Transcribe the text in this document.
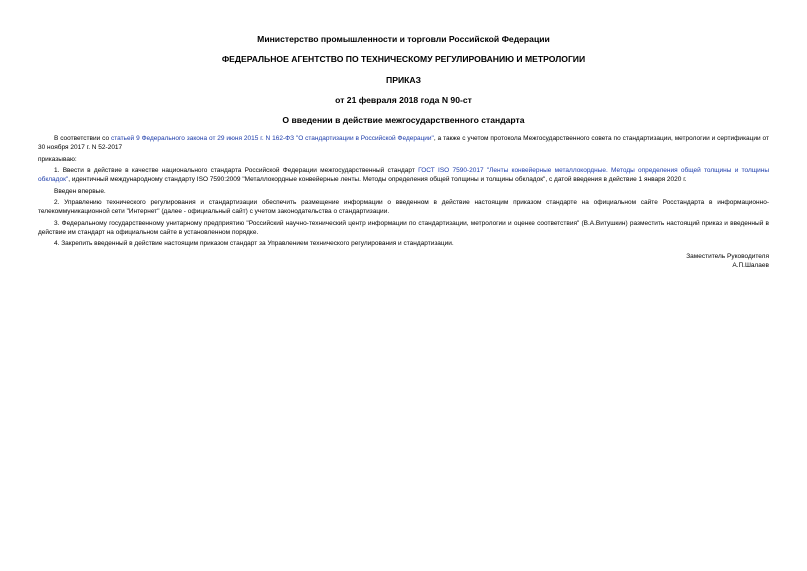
Министерство промышленности и торговли Российской Федерации
ФЕДЕРАЛЬНОЕ АГЕНТСТВО ПО ТЕХНИЧЕСКОМУ РЕГУЛИРОВАНИЮ И МЕТРОЛОГИИ
ПРИКАЗ
от 21 февраля 2018 года N 90-ст
О введении в действие межгосударственного стандарта

В соответствии со статьей 9 Федерального закона от 29 июня 2015 г. N 162-ФЗ "О стандартизации в Российской Федерации", а также с учетом протокола Межгосударственного совета по стандартизации, метрологии и сертификации от 30 ноября 2017 г. N 52-2017

приказываю:

1. Ввести в действие в качестве национального стандарта Российской Федерации межгосударственный стандарт ГОСТ ISO 7590-2017 "Ленты конвейерные металлокордные. Методы определения общей толщины и толщины обкладок", идентичный международному стандарту ISO 7590:2009 "Металлокордные конвейерные ленты. Методы определения общей толщины и толщины обкладок", с датой введения в действие 1 января 2020 г.

Введен впервые.

2. Управлению технического регулирования и стандартизации обеспечить размещение информации о введенном в действие настоящим приказом стандарте на официальном сайте Росстандарта в информационно-телекоммуникационной сети "Интернет" (далее - официальный сайт) с учетом законодательства о стандартизации.

3. Федеральному государственному унитарному предприятию "Российский научно-технический центр информации по стандартизации, метрологии и оценке соответствия" (В.А.Витушкин) разместить настоящий приказ и введенный в действие им стандарт на официальном сайте в установленном порядке.

4. Закрепить введенный в действие настоящим приказом стандарт за Управлением технического регулирования и стандартизации.

Заместитель Руководителя
А.П.Шалаев
